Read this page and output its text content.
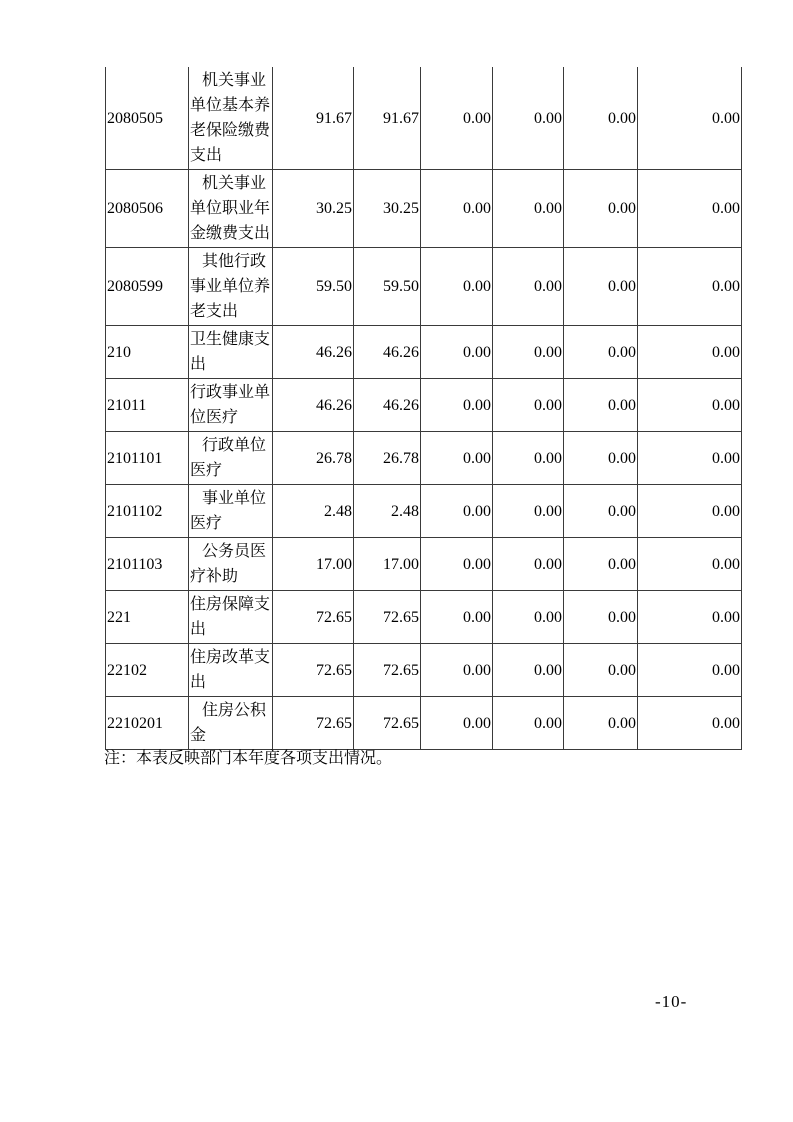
2080505	机关事业单位基本养老保险缴费支出	91.67	91.67	0.00	0.00	0.00	0.00
2080506	机关事业单位职业年金缴费支出	30.25	30.25	0.00	0.00	0.00	0.00
2080599	其他行政事业单位养老支出	59.50	59.50	0.00	0.00	0.00	0.00
210	卫生健康支出	46.26	46.26	0.00	0.00	0.00	0.00
21011	行政事业单位医疗	46.26	46.26	0.00	0.00	0.00	0.00
2101101	行政单位医疗	26.78	26.78	0.00	0.00	0.00	0.00
2101102	事业单位医疗	2.48	2.48	0.00	0.00	0.00	0.00
2101103	公务员医疗补助	17.00	17.00	0.00	0.00	0.00	0.00
221	住房保障支出	72.65	72.65	0.00	0.00	0.00	0.00
22102	住房改革支出	72.65	72.65	0.00	0.00	0.00	0.00
2210201	住房公积金	72.65	72.65	0.00	0.00	0.00	0.00
注：本表反映部门本年度各项支出情况。
-10-
